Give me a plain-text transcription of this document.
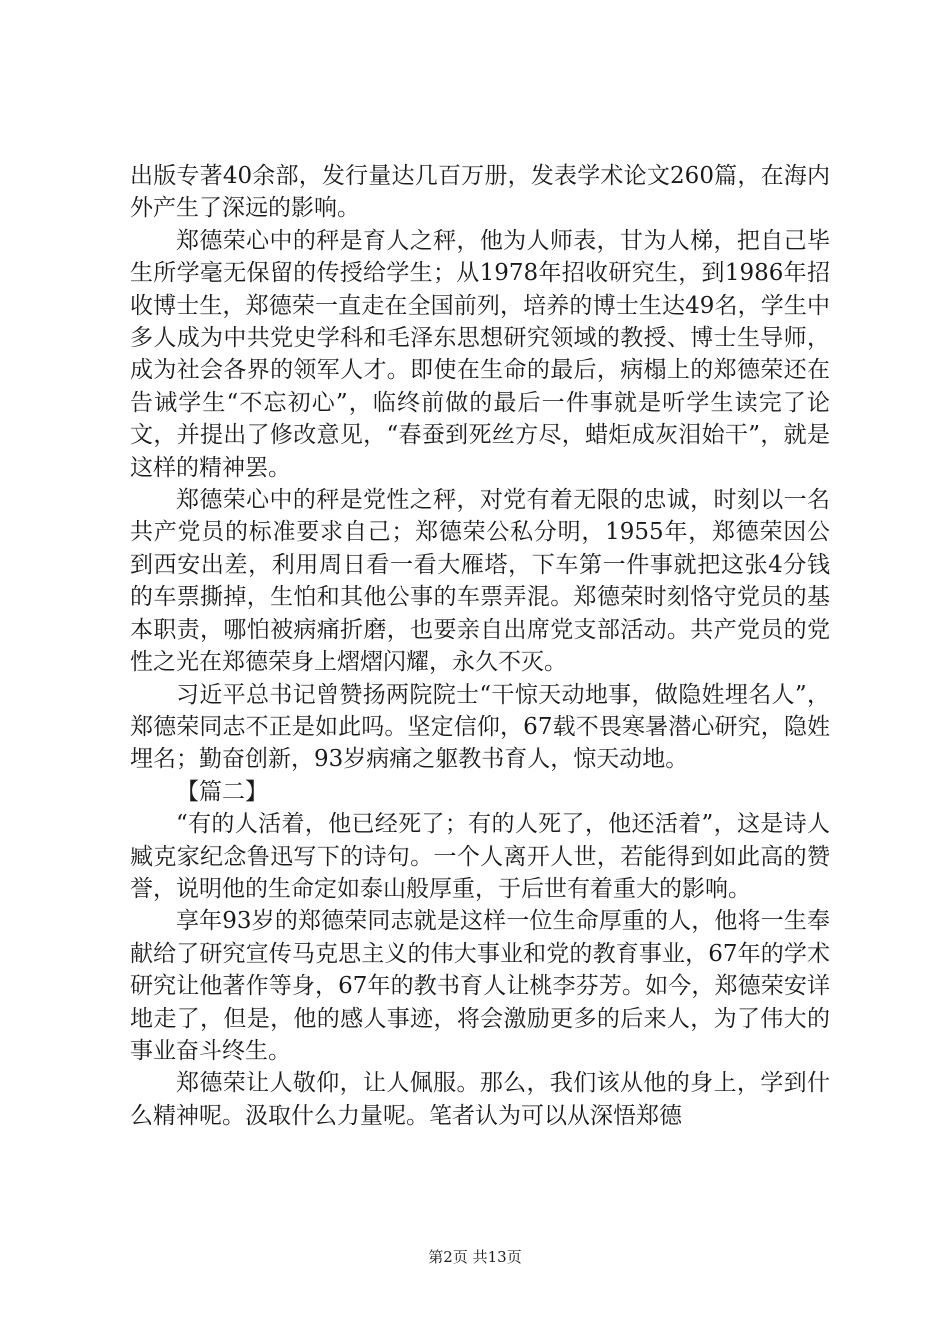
出版专著40余部，发行量达几百万册，发表学术论文260篇，在海内外产生了深远的影响。

郑德荣心中的秤是育人之秤，他为人师表，甘为人梯，把自己毕生所学毫无保留的传授给学生；从1978年招收研究生，到1986年招收博士生，郑德荣一直走在全国前列，培养的博士生达49名，学生中多人成为中共党史学科和毛泽东思想研究领域的教授、博士生导师，成为社会各界的领军人才。即使在生命的最后，病榻上的郑德荣还在告诫学生“不忘初心”，临终前做的最后一件事就是听学生读完了论文，并提出了修改意见，“春蚕到死丝方尽，蜡炬成灰泪始干”，就是这样的精神罢。

郑德荣心中的秤是党性之秤，对党有着无限的忠诚，时刻以一名共产党员的标准要求自己；郑德荣公私分明，1955年，郑德荣因公到西安出差，利用周日看一看大雁塔，下车第一件事就把这张4分钱的车票撕掉，生怕和其他公事的车票弄混。郑德荣时刻恪守党员的基本职责，哪怕被病痛折磨，也要亲自出席党支部活动。共产党员的党性之光在郑德荣身上熠熠闪耀，永久不灭。

习近平总书记曾赞扬两院院士“干惊天动地事，做隐姓埋名人”，郑德荣同志不正是如此吗。坚定信仰，67载不畏寒暑潜心研究，隐姓埋名；勤奋创新，93岁病痛之躯教书育人，惊天动地。

【篇二】

“有的人活着，他已经死了；有的人死了，他还活着”，这是诗人臧克家纪念鲁迅写下的诗句。一个人离开人世，若能得到如此高的赞誉，说明他的生命定如泰山般厚重，于后世有着重大的影响。

享年93岁的郑德荣同志就是这样一位生命厚重的人，他将一生奉献给了研究宣传马克思主义的伟大事业和党的教育事业，67年的学术研究让他著作等身，67年的教书育人让桃李芬芳。如今，郑德荣安详地走了，但是，他的感人事迹，将会激励更多的后来人，为了伟大的事业奋斗终生。

郑德荣让人敬仰，让人佩服。那么，我们该从他的身上，学到什么精神呢。汲取什么力量呢。笔者认为可以从深悟郑德

第2页 共13页
